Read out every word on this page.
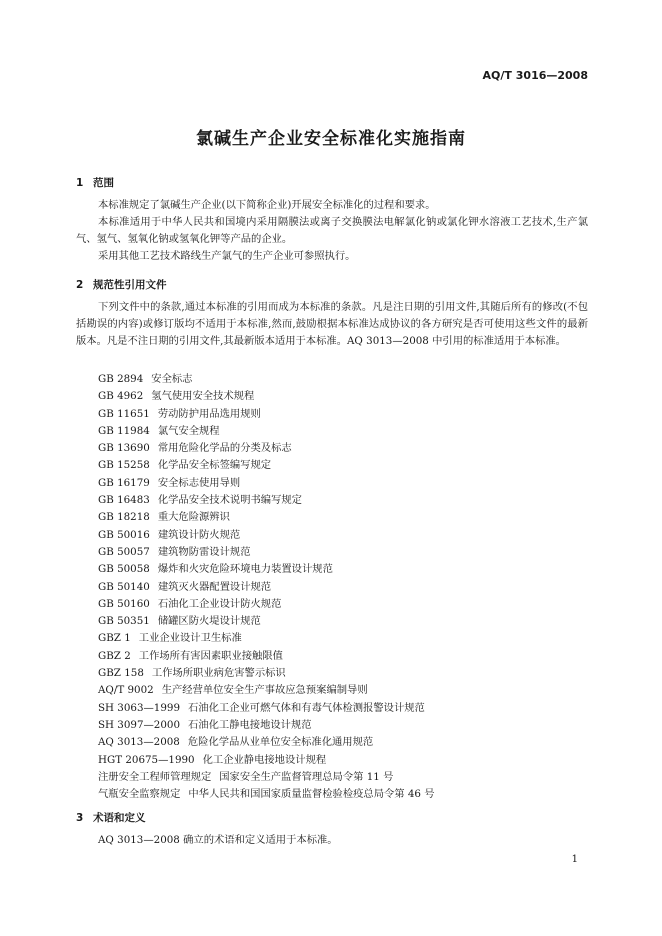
AQ/T 3016—2008
氯碱生产企业安全标准化实施指南
1 范围

本标准规定了氯碱生产企业(以下简称企业)开展安全标准化的过程和要求。

本标准适用于中华人民共和国境内采用隔膜法或离子交换膜法电解氯化钠或氯化钾水溶液工艺技术,生产氯气、氢气、氢氧化钠或氢氧化钾等产品的企业。

采用其他工艺技术路线生产氯气的生产企业可参照执行。

2 规范性引用文件

下列文件中的条款,通过本标准的引用而成为本标准的条款。凡是注日期的引用文件,其随后所有的修改(不包括勘误的内容)或修订版均不适用于本标准,然而,鼓励根据本标准达成协议的各方研究是否可使用这些文件的最新版本。凡是不注日期的引用文件,其最新版本适用于本标准。AQ 3013—2008 中引用的标准适用于本标准。

GB 2894 安全标志
GB 4962 氢气使用安全技术规程
GB 11651 劳动防护用品选用规则
GB 11984 氯气安全规程
GB 13690 常用危险化学品的分类及标志
GB 15258 化学品安全标签编写规定
GB 16179 安全标志使用导则
GB 16483 化学品安全技术说明书编写规定
GB 18218 重大危险源辨识
GB 50016 建筑设计防火规范
GB 50057 建筑物防雷设计规范
GB 50058 爆炸和火灾危险环境电力装置设计规范
GB 50140 建筑灭火器配置设计规范
GB 50160 石油化工企业设计防火规范
GB 50351 储罐区防火堤设计规范
GBZ 1 工业企业设计卫生标准
GBZ 2 工作场所有害因素职业接触限值
GBZ 158 工作场所职业病危害警示标识
AQ/T 9002 生产经营单位安全生产事故应急预案编制导则
SH 3063—1999 石油化工企业可燃气体和有毒气体检测报警设计规范
SH 3097—2000 石油化工静电接地设计规范
AQ 3013—2008 危险化学品从业单位安全标准化通用规范
HGT 20675—1990 化工企业静电接地设计规程
注册安全工程师管理规定 国家安全生产监督管理总局令第 11 号
气瓶安全监察规定 中华人民共和国国家质量监督检验检疫总局令第 46 号
3 术语和定义

AQ 3013—2008 确立的术语和定义适用于本标准。

1
